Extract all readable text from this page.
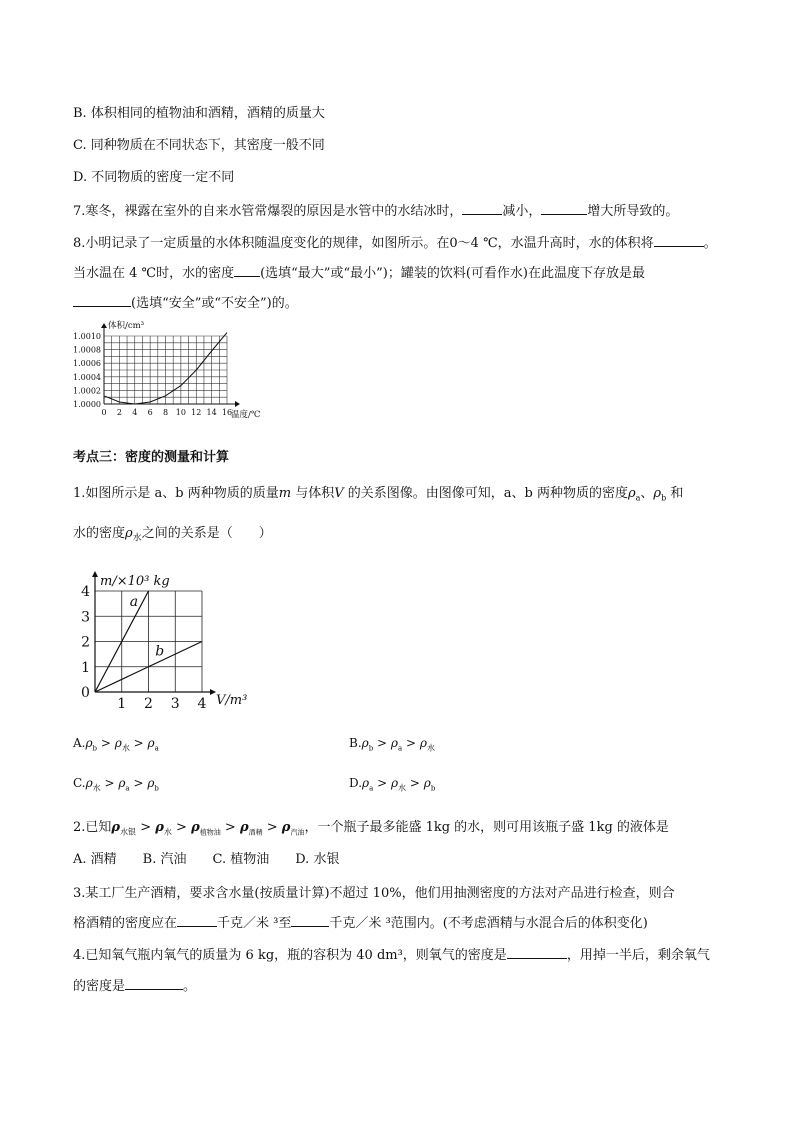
B. 体积相同的植物油和酒精，酒精的质量大
C. 同种物质在不同状态下，其密度一般不同
D. 不同物质的密度一定不同
7.寒冬，裸露在室外的自来水管常爆裂的原因是水管中的水结冰时，	减小，	增大所导致的。
8.小明记录了一定质量的水体积随温度变化的规律，如图所示。在0～4 ℃，水温升高时，水的体积将	。
当水温在 4 ℃时，水的密度 (选填“最大”或“最小”)；罐装的饮料(可看作水)在此温度下存放是最
(选填“安全”或“不安全”)的。
1.0000
1.0002
1.0004
1.0006
1.0008
1.0010
0 2 4 6 8 10 12 14 16
体积/cm³
温度/℃
考点三：密度的测量和计算
1.如图所示是 a、b 两种物质的质量m 与体积V 的关系图像。由图像可知，a、b 两种物质的密度$\rho_a$、$\rho_b$ 和
水的密度$\rho_水$之间的关系是（　　）
1
2
3
4
1 2 3 4
0
m/×10³ kg
V/m³
a
b
$A.\rho_b > \rho_水 > \rho_a$	$B.\rho_b > \rho_a > \rho_水$
$C.\rho_水 > \rho_a > \rho_b$	$D.\rho_a > \rho_水 > \rho_b$
2.已知$\rho_{水银} > \rho_水 > \rho_{植物油} > \rho_{酒精} > \rho_{汽油}$，一个瓶子最多能盛 1kg 的水，则可用该瓶子盛 1kg 的液体是
A. 酒精　　B. 汽油　　C. 植物油　　D. 水银
3.某工厂生产酒精，要求含水量(按质量计算)不超过 10%，他们用抽测密度的方法对产品进行检查，则合
格酒精的密度应在	千克／米 ³至	千克／米 ³范围内。(不考虑酒精与水混合后的体积变化)
4.已知氧气瓶内氧气的质量为 6 kg，瓶的容积为 40 dm³，则氧气的密度是	，用掉一半后，剩余氧气
的密度是	。
